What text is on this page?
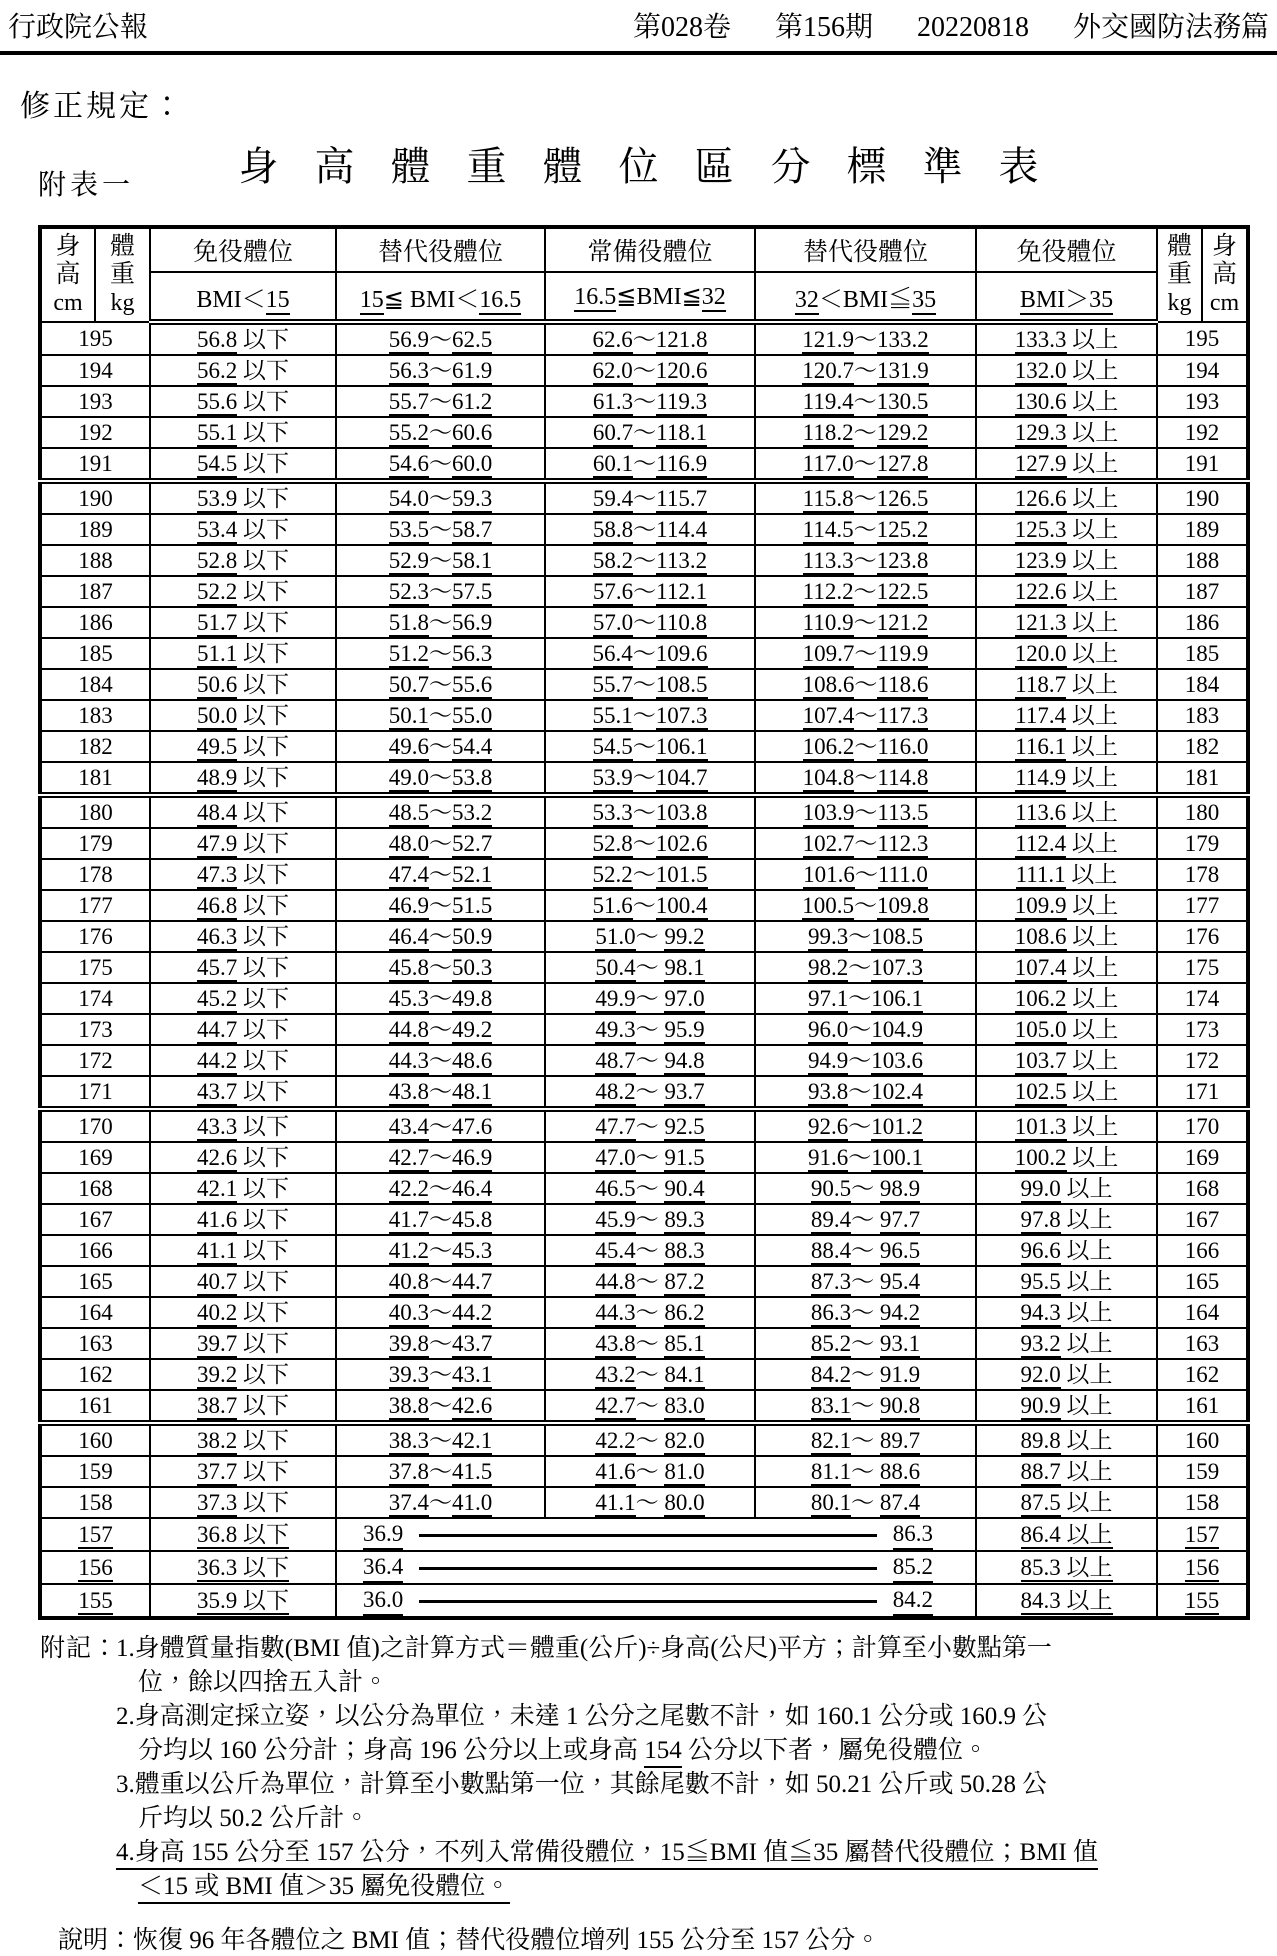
行政院公報	第028卷 第156期 20220818 外交國防法務篇
修正規定：
附表一	身高體重體位區分標準表
身
高
cm

體
重
kg
	免役體位	替代役體位	常備役體位	替代役體位	免役體位	體
重
kg

身
高
cm

		BMI＜15	15≦ BMI＜16.5	16.5≦BMI≦32	32＜BMI≦35	BMI＞35		
195		56.8 以下	56.9～62.5	62.6～121.8	121.9～133.2	133.3 以上	195	
194		56.2 以下	56.3～61.9	62.0～120.6	120.7～131.9	132.0 以上	194	
193		55.6 以下	55.7～61.2	61.3～119.3	119.4～130.5	130.6 以上	193	
192		55.1 以下	55.2～60.6	60.7～118.1	118.2～129.2	129.3 以上	192	
191		54.5 以下	54.6～60.0	60.1～116.9	117.0～127.8	127.9 以上	191	
190		53.9 以下	54.0～59.3	59.4～115.7	115.8～126.5	126.6 以上	190	
189		53.4 以下	53.5～58.7	58.8～114.4	114.5～125.2	125.3 以上	189	
188		52.8 以下	52.9～58.1	58.2～113.2	113.3～123.8	123.9 以上	188	
187		52.2 以下	52.3～57.5	57.6～112.1	112.2～122.5	122.6 以上	187	
186		51.7 以下	51.8～56.9	57.0～110.8	110.9～121.2	121.3 以上	186	
185		51.1 以下	51.2～56.3	56.4～109.6	109.7～119.9	120.0 以上	185	
184		50.6 以下	50.7～55.6	55.7～108.5	108.6～118.6	118.7 以上	184	
183		50.0 以下	50.1～55.0	55.1～107.3	107.4～117.3	117.4 以上	183	
182		49.5 以下	49.6～54.4	54.5～106.1	106.2～116.0	116.1 以上	182	
181		48.9 以下	49.0～53.8	53.9～104.7	104.8～114.8	114.9 以上	181	
180		48.4 以下	48.5～53.2	53.3～103.8	103.9～113.5	113.6 以上	180	
179		47.9 以下	48.0～52.7	52.8～102.6	102.7～112.3	112.4 以上	179	
178		47.3 以下	47.4～52.1	52.2～101.5	101.6～111.0	111.1 以上	178	
177		46.8 以下	46.9～51.5	51.6～100.4	100.5～109.8	109.9 以上	177	
176		46.3 以下	46.4～50.9	51.0～ 99.2	99.3～108.5	108.6 以上	176	
175		45.7 以下	45.8～50.3	50.4～ 98.1	98.2～107.3	107.4 以上	175	
174		45.2 以下	45.3～49.8	49.9～ 97.0	97.1～106.1	106.2 以上	174	
173		44.7 以下	44.8～49.2	49.3～ 95.9	96.0～104.9	105.0 以上	173	
172		44.2 以下	44.3～48.6	48.7～ 94.8	94.9～103.6	103.7 以上	172	
171		43.7 以下	43.8～48.1	48.2～ 93.7	93.8～102.4	102.5 以上	171	
170		43.3 以下	43.4～47.6	47.7～ 92.5	92.6～101.2	101.3 以上	170	
169		42.6 以下	42.7～46.9	47.0～ 91.5	91.6～100.1	100.2 以上	169	
168		42.1 以下	42.2～46.4	46.5～ 90.4	90.5～ 98.9	99.0 以上	168	
167		41.6 以下	41.7～45.8	45.9～ 89.3	89.4～ 97.7	97.8 以上	167	
166		41.1 以下	41.2～45.3	45.4～ 88.3	88.4～ 96.5	96.6 以上	166	
165		40.7 以下	40.8～44.7	44.8～ 87.2	87.3～ 95.4	95.5 以上	165	
164		40.2 以下	40.3～44.2	44.3～ 86.2	86.3～ 94.2	94.3 以上	164	
163		39.7 以下	39.8～43.7	43.8～ 85.1	85.2～ 93.1	93.2 以上	163	
162		39.2 以下	39.3～43.1	43.2～ 84.1	84.2～ 91.9	92.0 以上	162	
161		38.7 以下	38.8～42.6	42.7～ 83.0	83.1～ 90.8	90.9 以上	161	
160		38.2 以下	38.3～42.1	42.2～ 82.0	82.1～ 89.7	89.8 以上	160	
159		37.7 以下	37.8～41.5	41.6～ 81.0	81.1～ 88.6	88.7 以上	159	
158		37.3 以下	37.4～41.0	41.1～ 80.0	80.1～ 87.4	87.5 以上	158	
157		36.8 以下	36.9 86.3			86.4 以上	157	
156		36.3 以下	36.4 85.2			85.3 以上	156	
155		35.9 以下	36.0 84.2			84.3 以上	155	
附記：
1.身體質量指數(BMI 值)之計算方式＝體重(公斤)÷身高(公尺)平方；計算至小數點第一
位，餘以四捨五入計。
2.身高測定採立姿，以公分為單位，未達 1 公分之尾數不計，如 160.1 公分或 160.9 公
分均以 160 公分計；身高 196 公分以上或身高 154 公分以下者，屬免役體位。
3.體重以公斤為單位，計算至小數點第一位，其餘尾數不計，如 50.21 公斤或 50.28 公
斤均以 50.2 公斤計。
4.身高 155 公分至 157 公分，不列入常備役體位，15≦BMI 值≦35 屬替代役體位；BMI 值
＜15 或 BMI 值＞35 屬免役體位。
說明：恢復 96 年各體位之 BMI 值；替代役體位增列 155 公分至 157 公分。
